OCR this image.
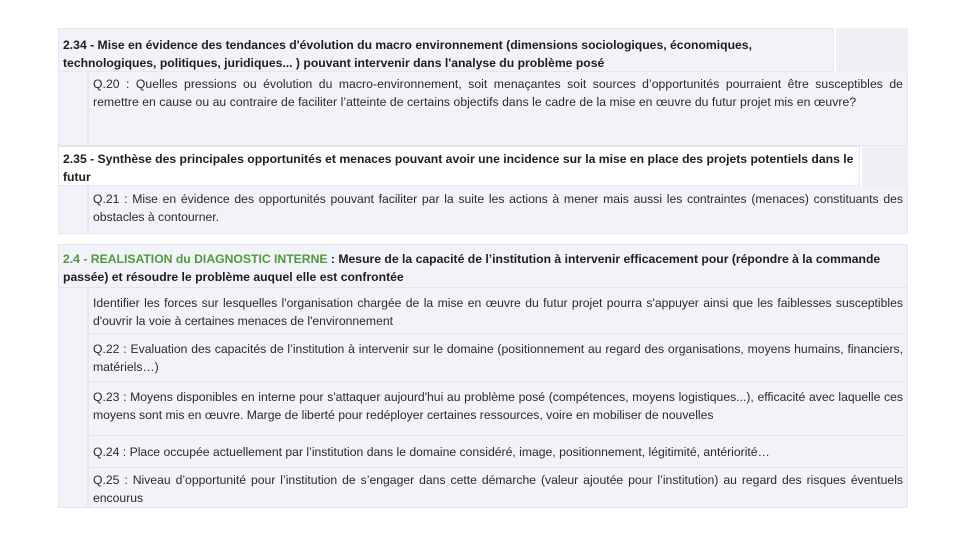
2.34 - Mise en évidence des tendances d'évolution du macro environnement (dimensions sociologiques, économiques, technologiques, politiques, juridiques... ) pouvant intervenir dans l'analyse du problème posé
Q.20 : Quelles pressions ou évolution du macro-environnement, soit menaçantes soit sources d’opportunités pourraient être susceptibles de remettre en cause ou au contraire de faciliter l’atteinte de certains objectifs dans le cadre de la mise en œuvre du futur projet mis en œuvre?
2.35 - Synthèse des principales opportunités et menaces pouvant avoir une incidence sur la mise en place des projets potentiels dans le futur
Q.21 : Mise en évidence des opportunités pouvant faciliter par la suite les actions à mener mais aussi les contraintes (menaces) constituants des obstacles à contourner.
2.4 - REALISATION du DIAGNOSTIC INTERNE : Mesure de la capacité de l’institution à intervenir efficacement pour (répondre à la commande passée) et résoudre le problème auquel elle est confrontée
Identifier les forces sur lesquelles l'organisation chargée de la mise en œuvre du futur projet pourra s'appuyer ainsi que les faiblesses susceptibles d'ouvrir la voie à certaines menaces de l'environnement
Q.22 : Evaluation des capacités de l’institution à intervenir sur le domaine (positionnement au regard des organisations, moyens humains, financiers, matériels…)
Q.23 : Moyens disponibles en interne pour s'attaquer aujourd'hui au problème posé (compétences, moyens logistiques...), efficacité avec laquelle ces moyens sont mis en œuvre. Marge de liberté pour redéployer certaines ressources, voire en mobiliser de nouvelles
Q.24 : Place occupée actuellement par l’institution dans le domaine considéré, image, positionnement, légitimité, antériorité…
Q.25 : Niveau d’opportunité pour l’institution de s’engager dans cette démarche (valeur ajoutée pour l’institution) au regard des risques éventuels encourus
